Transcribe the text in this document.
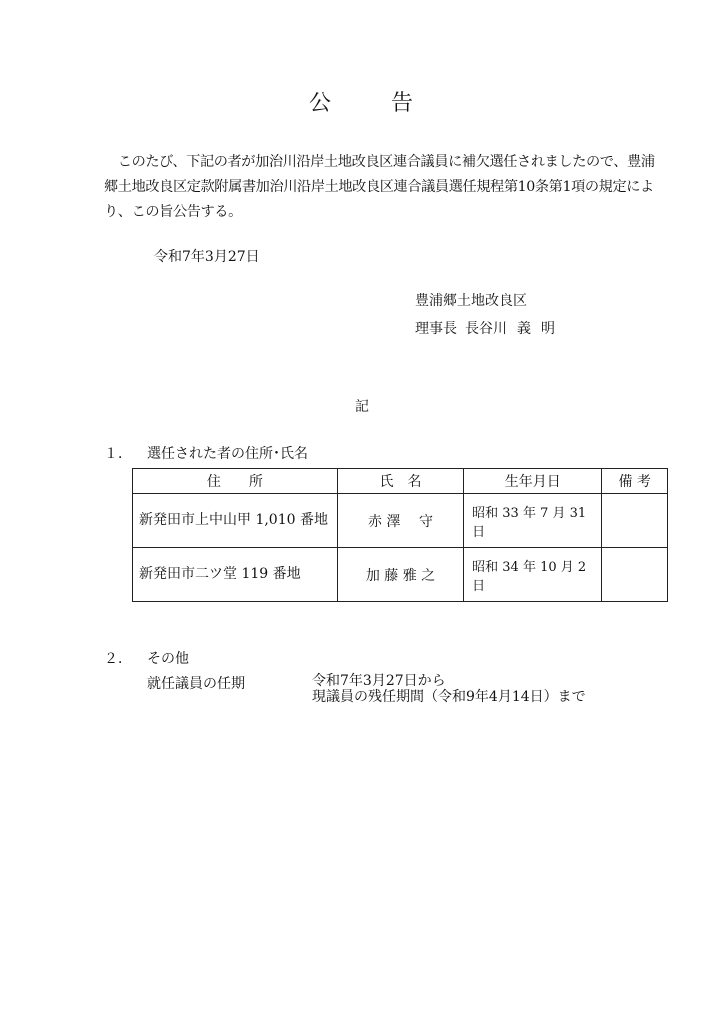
公	告
　このたび、下記の者が加治川沿岸土地改良区連合議員に補欠選任されましたので、豊浦郷土地改良区定款附属書加治川沿岸土地改良区連合議員選任規程第10条第1項の規定により、この旨公告する。
令和7年3月27日
豊浦郷土地改良区
理事長 長谷川 義 明
記
１． 選任された者の住所･氏名
住　　所	氏　名	生年月日	備 考
新発田市上中山甲 1,010 番地	赤 澤 　守	昭和 33 年 7 月 31 日	
新発田市二ツ堂 119 番地	加 藤 雅 之	昭和 34 年 10 月 2 日	
２． その他
就任議員の任期	令和7年3月27日から
現議員の残任期間（令和9年4月14日）まで
